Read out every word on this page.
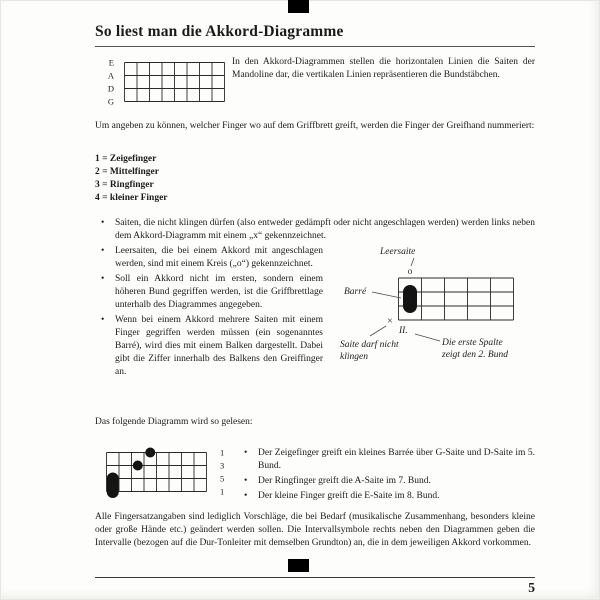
So liest man die Akkord-Diagramme
E
A
D
G

In den Akkord-Diagrammen stellen die horizontalen Linien die Saiten der Mandoline dar, die vertikalen Linien repräsentieren die Bundstäbchen.

Um angeben zu können, welcher Finger wo auf dem Griffbrett greift, werden die Finger der Greifhand nummeriert:

1 = Zeigefinger
2 = Mittelfinger
3 = Ringfinger
4 = kleiner Finger
• Saiten, die nicht klingen dürfen (also entweder gedämpft oder nicht angeschlagen werden) werden links neben dem Akkord-Diagramm mit einem „x“ gekennzeichnet.
• Leersaiten, die bei einem Akkord mit angeschlagen werden, sind mit einem Kreis („o“) gekennzeichnet.
• Soll ein Akkord nicht im ersten, sondern einem höheren Bund gegriffen werden, ist die Griffbrettlage unterhalb des Diagrammes angegeben.
• Wenn bei einem Akkord mehrere Saiten mit einem Finger gegriffen werden müssen (ein sogenanntes Barré), wird dies mit einem Balken dargestellt. Dabei gibt die Ziffer innerhalb des Balkens den Greiffinger an.
Leersaite
Barré
II.
Saite darf nicht klingen
Die erste Spalte zeigt den 2. Bund
o
1
×

Das folgende Diagramm wird so gelesen:

1
3
4	1
3
5
1
• Der Zeigefinger greift ein kleines Barrée über G-Saite und D-Saite im 5. Bund.
• Der Ringfinger greift die A-Saite im 7. Bund.
• Der kleine Finger greift die E-Saite im 8. Bund.

Alle Fingersatzangaben sind lediglich Vorschläge, die bei Bedarf (musikalische Zusammenhang, besonders kleine oder große Hände etc.) geändert werden sollen. Die Intervallsymbole rechts neben den Diagrammen geben die Intervalle (bezogen auf die Dur-Tonleiter mit demselben Grundton) an, die in dem jeweiligen Akkord vorkommen.

5
